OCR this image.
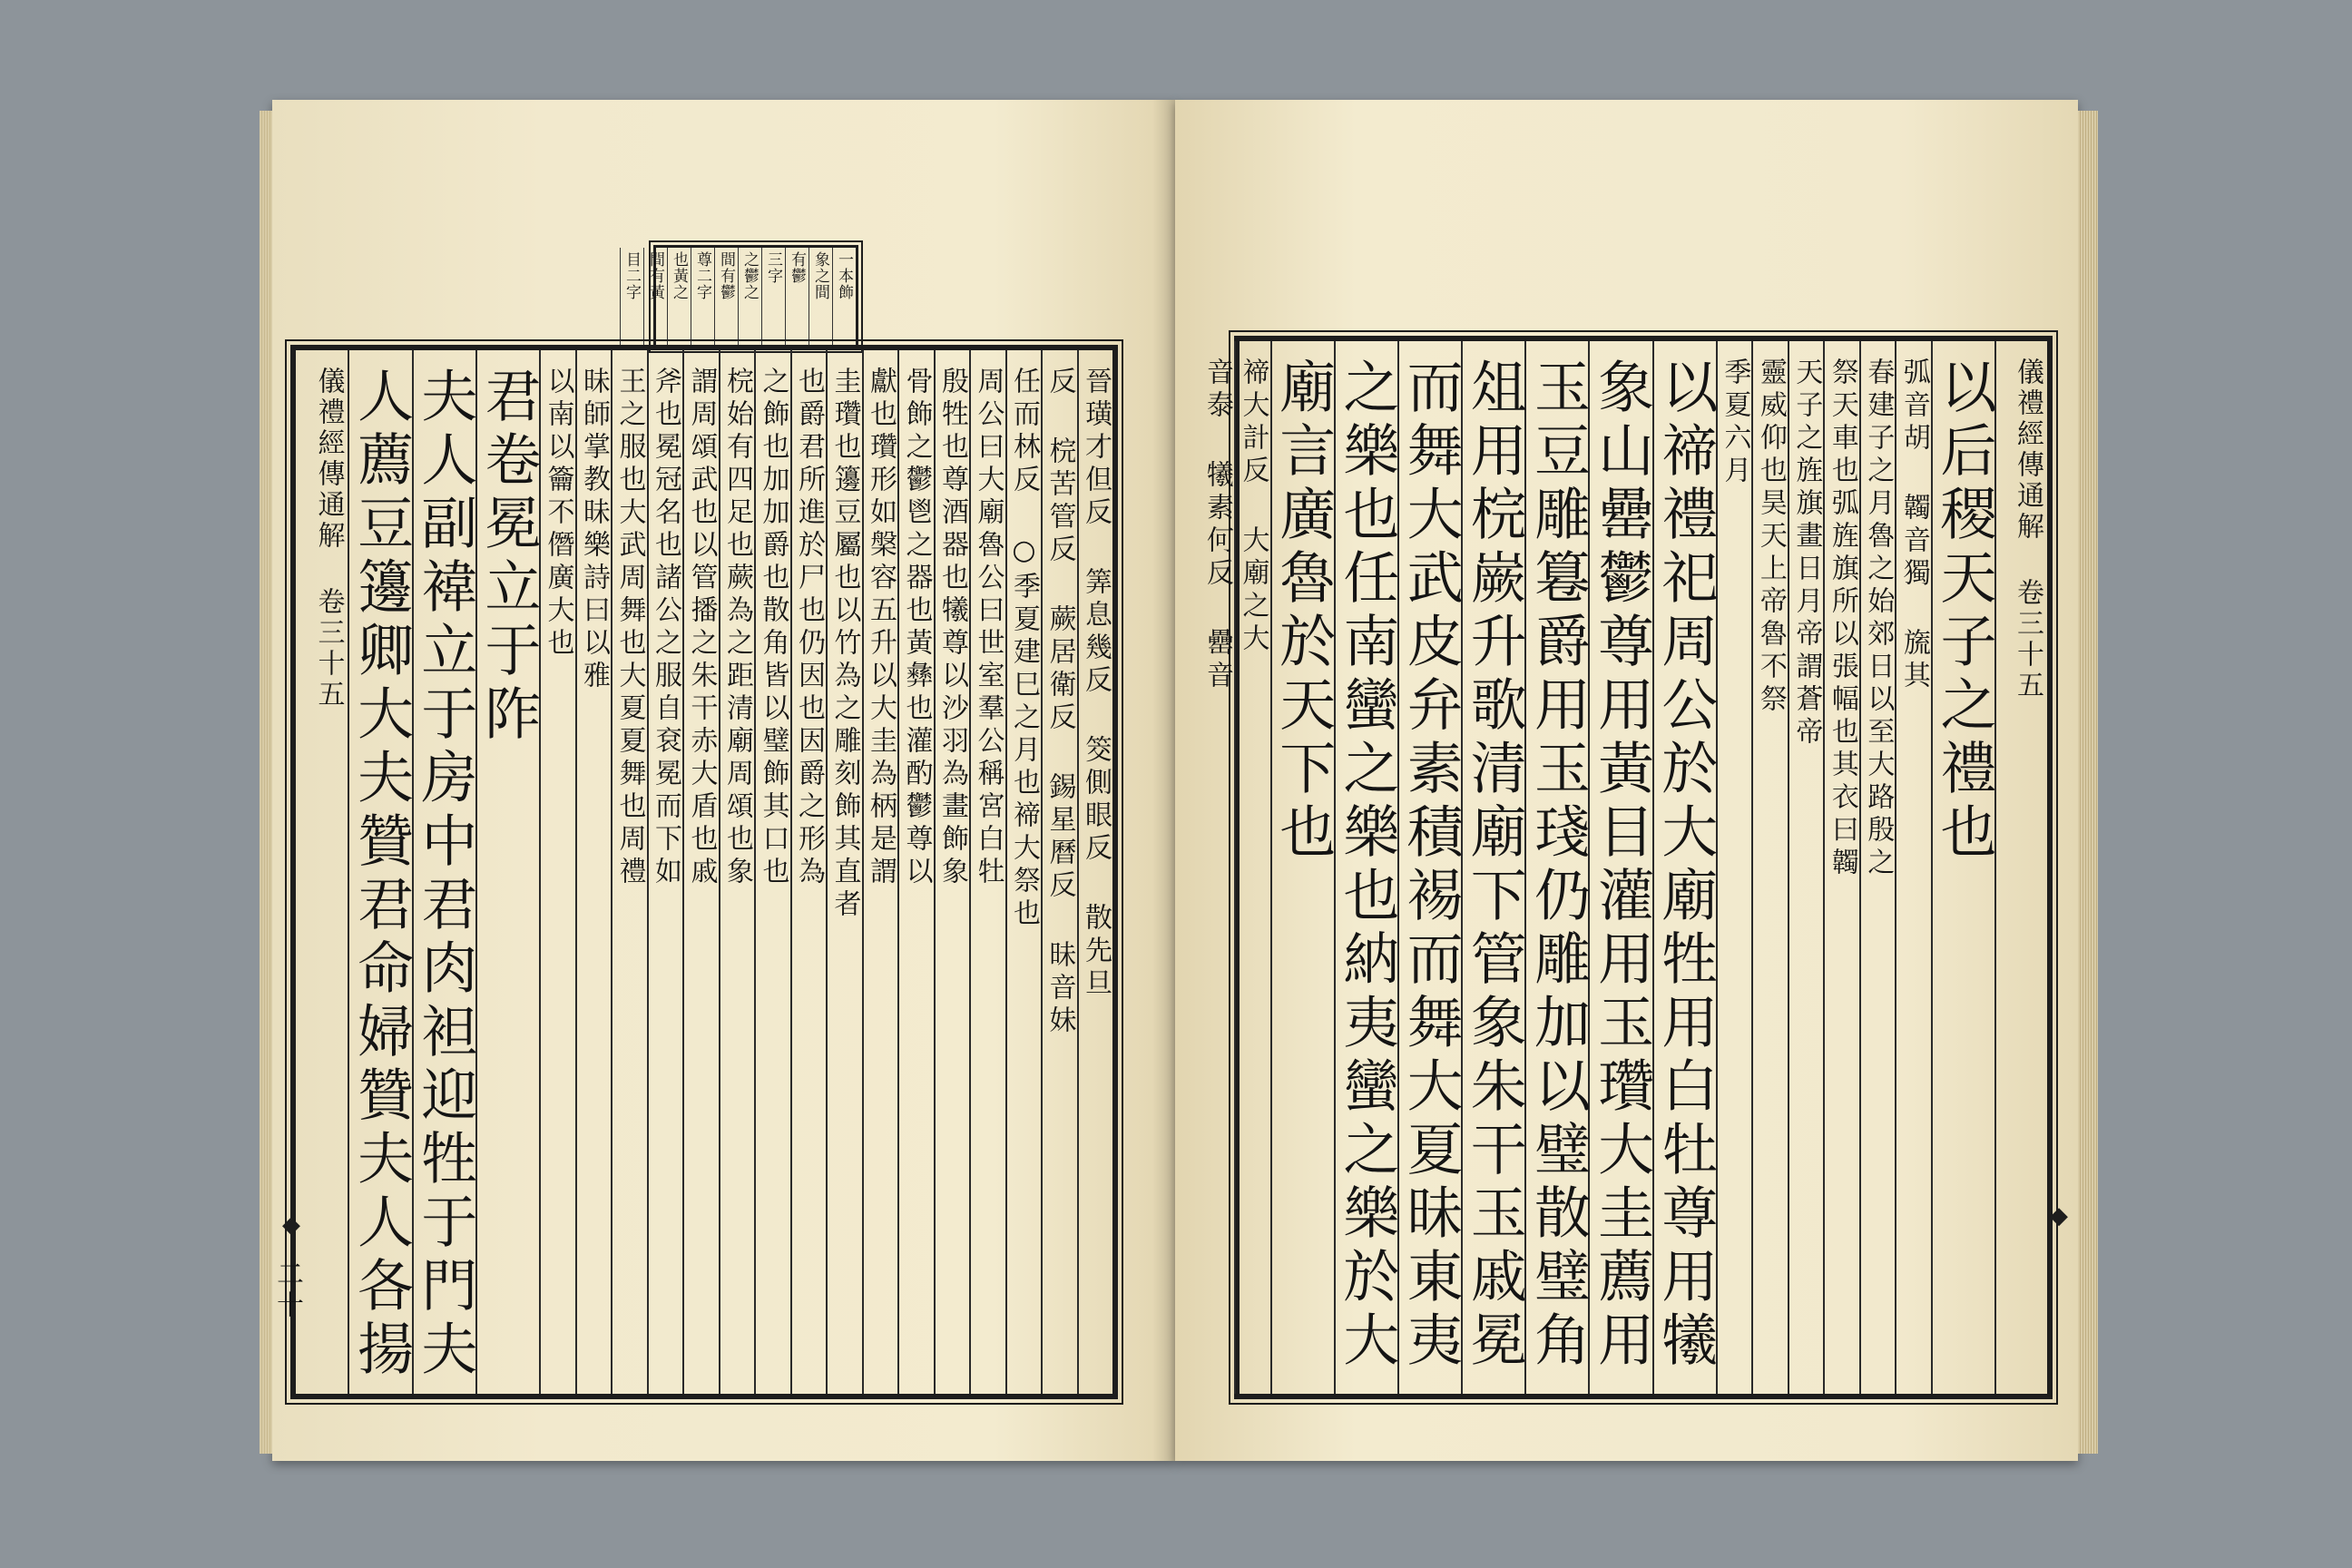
一本飾
象之間
有鬱
三字
之鬱之
間有鬱
尊二字
也黃之
間有黃
目二字
晉璜才但反 筭息幾反 筊側眼反 散先旦
反 梡苦管反 蕨居衛反 錫星曆反 昧音妹
任而林反 ○季夏建巳之月也禘大祭也
周公曰大廟魯公曰世室羣公稱宮白牡
殷牲也尊酒器也犧尊以沙羽為畫飾象
骨飾之鬱鬯之器也黃彝也灌酌鬱尊以
獻也瓚形如槃容五升以大圭為柄是謂
圭瓚也籩豆屬也以竹為之雕刻飾其直者
也爵君所進於尸也仍因也因爵之形為
之飾也加加爵也散角皆以璧飾其口也
梡始有四足也蕨為之距清廟周頌也象
謂周頌武也以管播之朱干赤大盾也戚
斧也冕冠名也諸公之服自袞冕而下如
王之服也大武周舞也大夏夏舞也周禮
昧師掌教昧樂詩曰以雅
以南以籥不僭廣大也
君卷冕立于阼
夫人副褘立于房中君肉袒迎牲于門夫
人薦豆籩卿大夫贊君命婦贊夫人各揚
儀禮經傳通解 卷三十五
◆
二十
儀禮經傳通解 卷三十五
以后稷天子之禮也
弧音胡 韣音獨 旒其
春建子之月魯之始郊日以至大路殷之
祭天車也弧旌旗所以張幅也其衣曰韣
天子之旌旗畫日月帝謂蒼帝
靈威仰也昊天上帝魯不祭
季夏六月
以禘禮祀周公於大廟牲用白牡尊用犧
象山罍鬱尊用黃目灌用玉瓚大圭薦用
玉豆雕篹爵用玉琖仍雕加以璧散璧角
俎用梡嶡升歌清廟下管象朱干玉戚冕
而舞大武皮弁素積裼而舞大夏昧東夷
之樂也任南蠻之樂也納夷蠻之樂於大
廟言廣魯於天下也
禘大計反 大廟之大
音泰 犧素何反 罍音
◆
